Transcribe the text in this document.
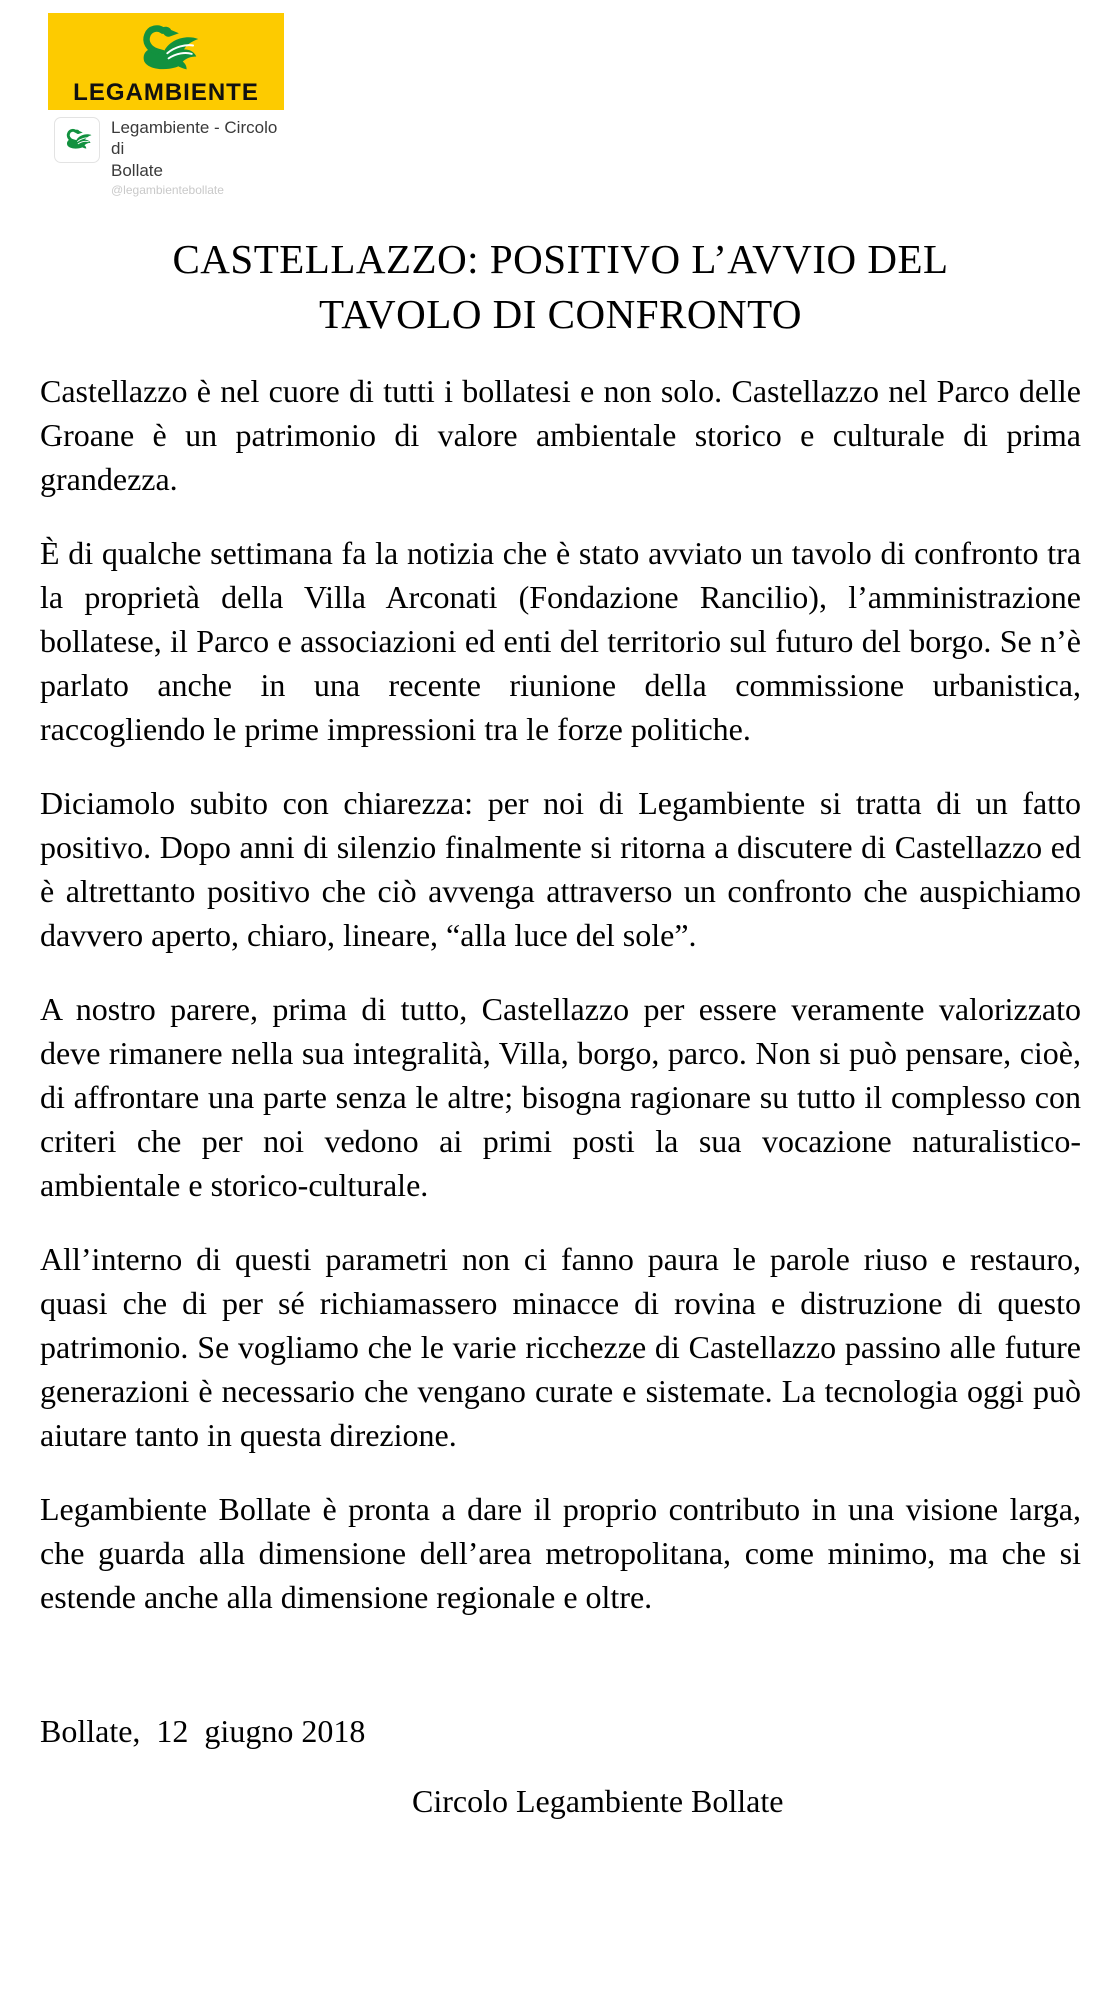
LEGAMBIENTE
Legambiente - Circolo di
Bollate
@legambientebollate
CASTELLAZZO: POSITIVO L’AVVIO DEL
TAVOLO DI CONFRONTO

Castellazzo è nel cuore di tutti i bollatesi e non solo. Castellazzo nel Parco delle Groane è un patrimonio di valore ambientale storico e culturale di prima grandezza.

È di qualche settimana fa la notizia che è stato avviato un tavolo di confronto tra la proprietà della Villa Arconati (Fondazione Rancilio), l’amministrazione bollatese, il Parco e associazioni ed enti del territorio sul futuro del borgo. Se n’è parlato anche in una recente riunione della commissione urbanistica, raccogliendo le prime impressioni tra le forze politiche.

Diciamolo subito con chiarezza: per noi di Legambiente si tratta di un fatto positivo. Dopo anni di silenzio finalmente si ritorna a discutere di Castellazzo ed è altrettanto positivo che ciò avvenga attraverso un confronto che auspichiamo davvero aperto, chiaro, lineare, “alla luce del sole”.

A nostro parere, prima di tutto, Castellazzo per essere veramente valorizzato deve rimanere nella sua integralità, Villa, borgo, parco. Non si può pensare, cioè, di affrontare una parte senza le altre; bisogna ragionare su tutto il complesso con criteri che per noi vedono ai primi posti la sua vocazione naturalistico-ambientale e storico-culturale.

All’interno di questi parametri non ci fanno paura le parole riuso e restauro, quasi che di per sé richiamassero minacce di rovina e distruzione di questo patrimonio. Se vogliamo che le varie ricchezze di Castellazzo passino alle future generazioni è necessario che vengano curate e sistemate. La tecnologia oggi può aiutare tanto in questa direzione.

Legambiente Bollate è pronta a dare il proprio contributo in una visione larga, che guarda alla dimensione dell’area metropolitana, come minimo, ma che si estende anche alla dimensione regionale e oltre.

Bollate,  12  giugno 2018
Circolo Legambiente Bollate
